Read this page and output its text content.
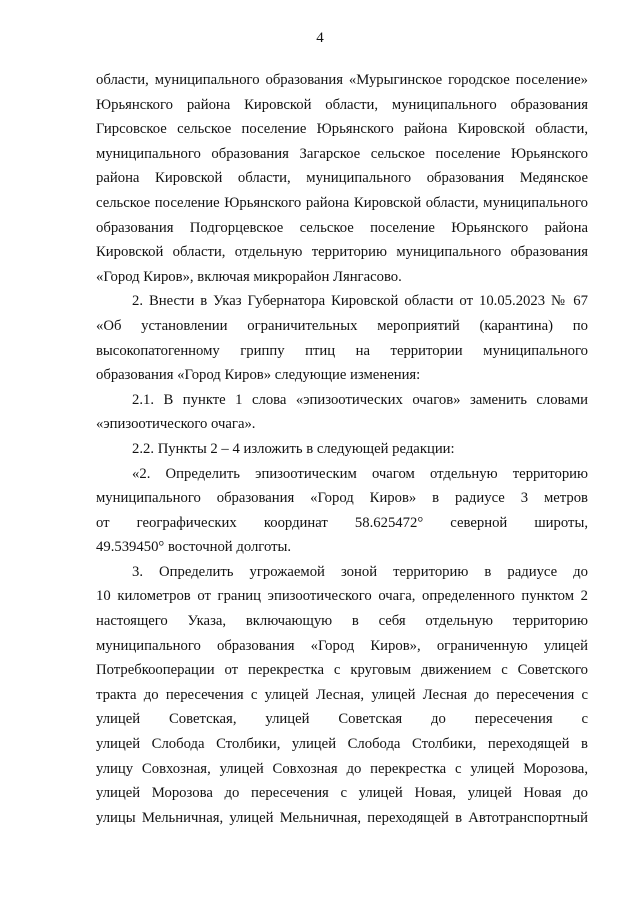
4

области, муниципального образования «Мурыгинское городское поселение»
Юрьянского района Кировской области, муниципального образования
Гирсовское сельское поселение Юрьянского района Кировской области,
муниципального образования Загарское сельское поселение Юрьянского
района Кировской области, муниципального образования Медянское
сельское поселение Юрьянского района Кировской области, муниципального
образования Подгорцевское сельское поселение Юрьянского района
Кировской области, отдельную территорию муниципального образования
«Город Киров», включая микрорайон Лянгасово.

2. Внести в Указ Губернатора Кировской области от 10.05.2023 № 67
«Об установлении ограничительных мероприятий (карантина) по
высокопатогенному гриппу птиц на территории муниципального
образования «Город Киров» следующие изменения:

2.1. В пункте 1 слова «эпизоотических очагов» заменить словами
«эпизоотического очага».

2.2. Пункты 2 – 4 изложить в следующей редакции:

«2. Определить эпизоотическим очагом отдельную территорию
муниципального образования «Город Киров» в радиусе 3 метров
от географических координат 58.625472° северной широты,
49.539450° восточной долготы.

3. Определить угрожаемой зоной территорию в радиусе до
10 километров от границ эпизоотического очага, определенного пунктом 2
настоящего Указа, включающую в себя отдельную территорию
муниципального образования «Город Киров», ограниченную улицей
Потребкооперации от перекрестка с круговым движением с Советского
тракта до пересечения с улицей Лесная, улицей Лесная до пересечения с
улицей Советская, улицей Советская до пересечения с
улицей Слобода Столбики, улицей Слобода Столбики, переходящей в
улицу Совхозная, улицей Совхозная до перекрестка с улицей Морозова,
улицей Морозова до пересечения с улицей Новая, улицей Новая до
улицы Мельничная, улицей Мельничная, переходящей в Автотранспортный
